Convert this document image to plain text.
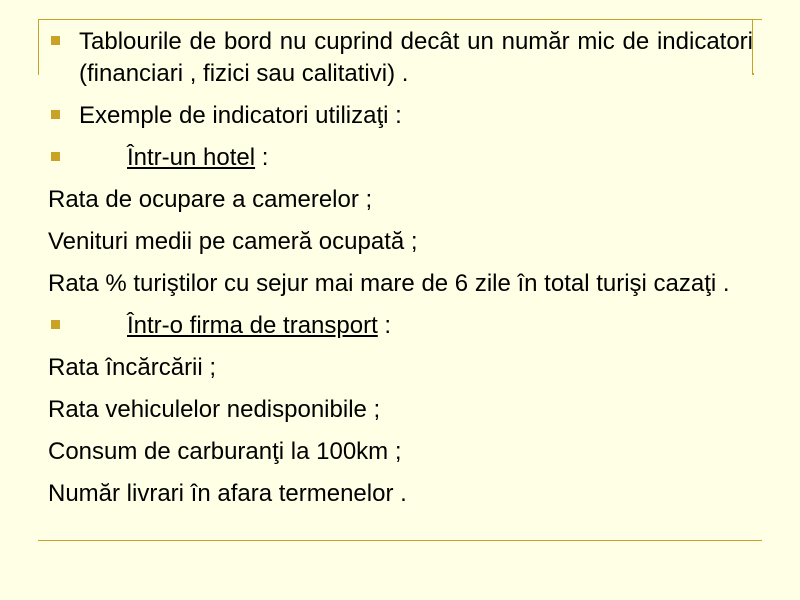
Tablourile de bord nu cuprind decât un număr mic de indicatori (financiari , fizici sau calitativi) .
Exemple de indicatori utilizaţi :
Într-un hotel :
Rata de ocupare a camerelor ;
Venituri medii pe cameră ocupată ;
Rata % turiştilor cu sejur mai mare de 6 zile în total turişi cazaţi .
Într-o firma de transport :
Rata încărcării ;
Rata vehiculelor nedisponibile ;
Consum de carburanţi la 100km ;
Număr livrari în afara termenelor .
